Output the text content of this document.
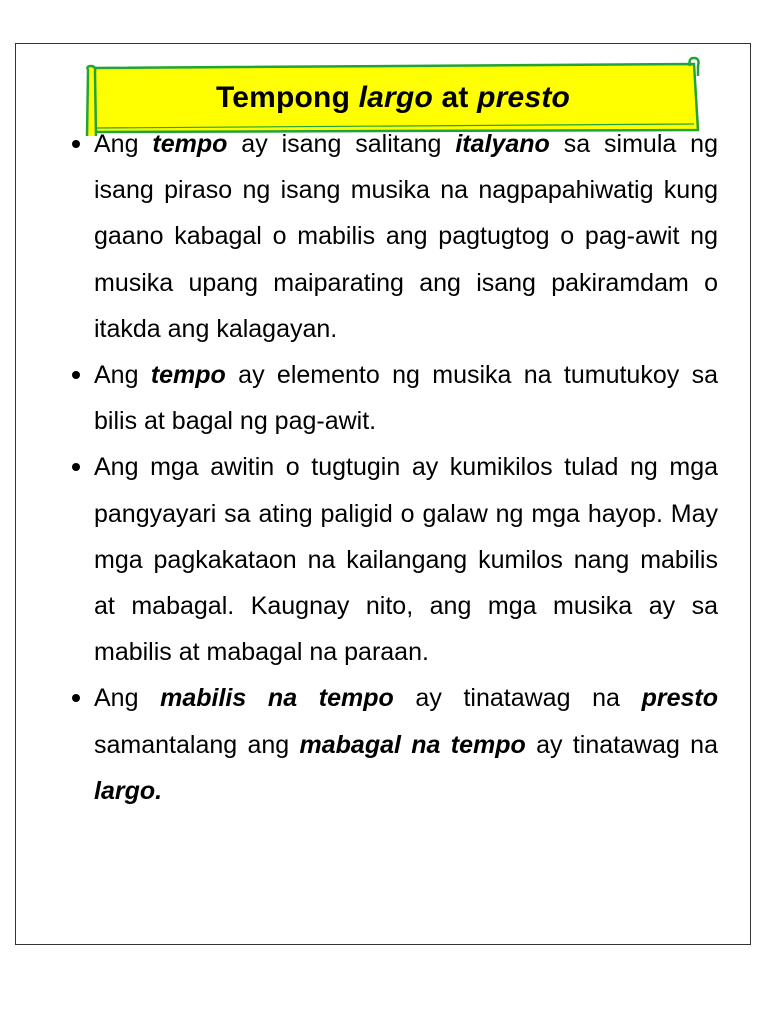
Tempong largo at presto

Ang tempo ay isang salitang italyano sa simula ng isang piraso ng isang musika na nagpapahiwatig kung gaano kabagal o mabilis ang pagtugtog o pag-awit ng musika upang maiparating ang isang pakiramdam o itakda ang kalagayan.

Ang tempo ay elemento ng musika na tumutukoy sa bilis at bagal ng pag-awit.

Ang mga awitin o tugtugin ay kumikilos tulad ng mga pangyayari sa ating paligid o galaw ng mga hayop. May mga pagkakataon na kailangang kumilos nang mabilis at mabagal. Kaugnay nito, ang mga musika ay sa mabilis at mabagal na paraan.

Ang mabilis na tempo ay tinatawag na presto samantalang ang mabagal na tempo ay tinatawag na largo.
